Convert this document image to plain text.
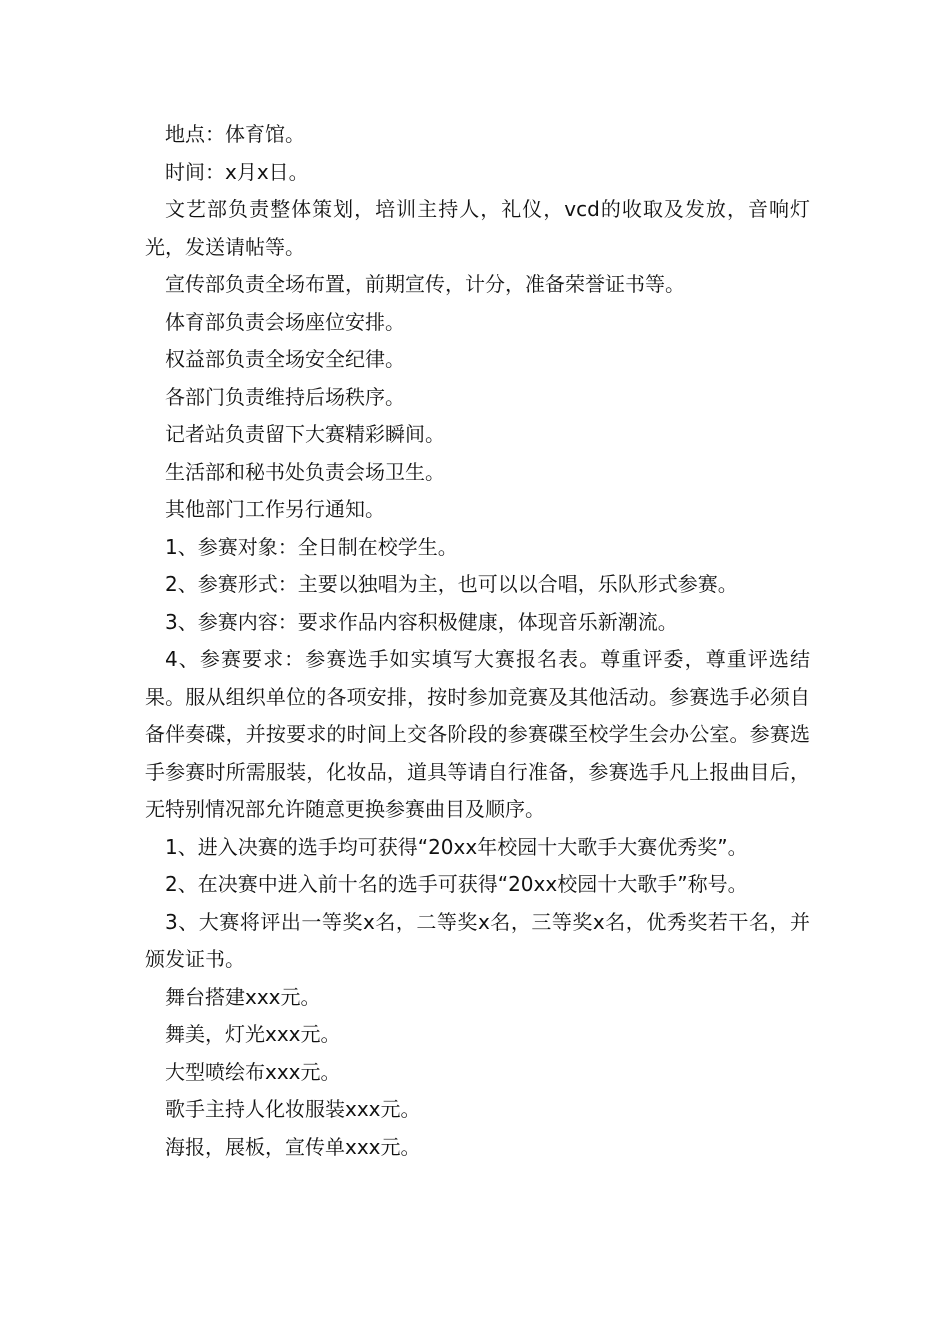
地点：体育馆。

时间：x月x日。

文艺部负责整体策划，培训主持人，礼仪，vcd的收取及发放，音响灯光，发送请帖等。

宣传部负责全场布置，前期宣传，计分，准备荣誉证书等。

体育部负责会场座位安排。

权益部负责全场安全纪律。

各部门负责维持后场秩序。

记者站负责留下大赛精彩瞬间。

生活部和秘书处负责会场卫生。

其他部门工作另行通知。

1、参赛对象：全日制在校学生。

2、参赛形式：主要以独唱为主，也可以以合唱，乐队形式参赛。

3、参赛内容：要求作品内容积极健康，体现音乐新潮流。

4、参赛要求：参赛选手如实填写大赛报名表。尊重评委，尊重评选结果。服从组织单位的各项安排，按时参加竞赛及其他活动。参赛选手必须自备伴奏碟，并按要求的时间上交各阶段的参赛碟至校学生会办公室。参赛选手参赛时所需服装，化妆品，道具等请自行准备，参赛选手凡上报曲目后，无特别情况部允许随意更换参赛曲目及顺序。

1、进入决赛的选手均可获得“20xx年校园十大歌手大赛优秀奖”。

2、在决赛中进入前十名的选手可获得“20xx校园十大歌手”称号。

3、大赛将评出一等奖x名，二等奖x名，三等奖x名，优秀奖若干名，并颁发证书。

舞台搭建xxx元。

舞美，灯光xxx元。

大型喷绘布xxx元。

歌手主持人化妆服装xxx元。

海报，展板，宣传单xxx元。
